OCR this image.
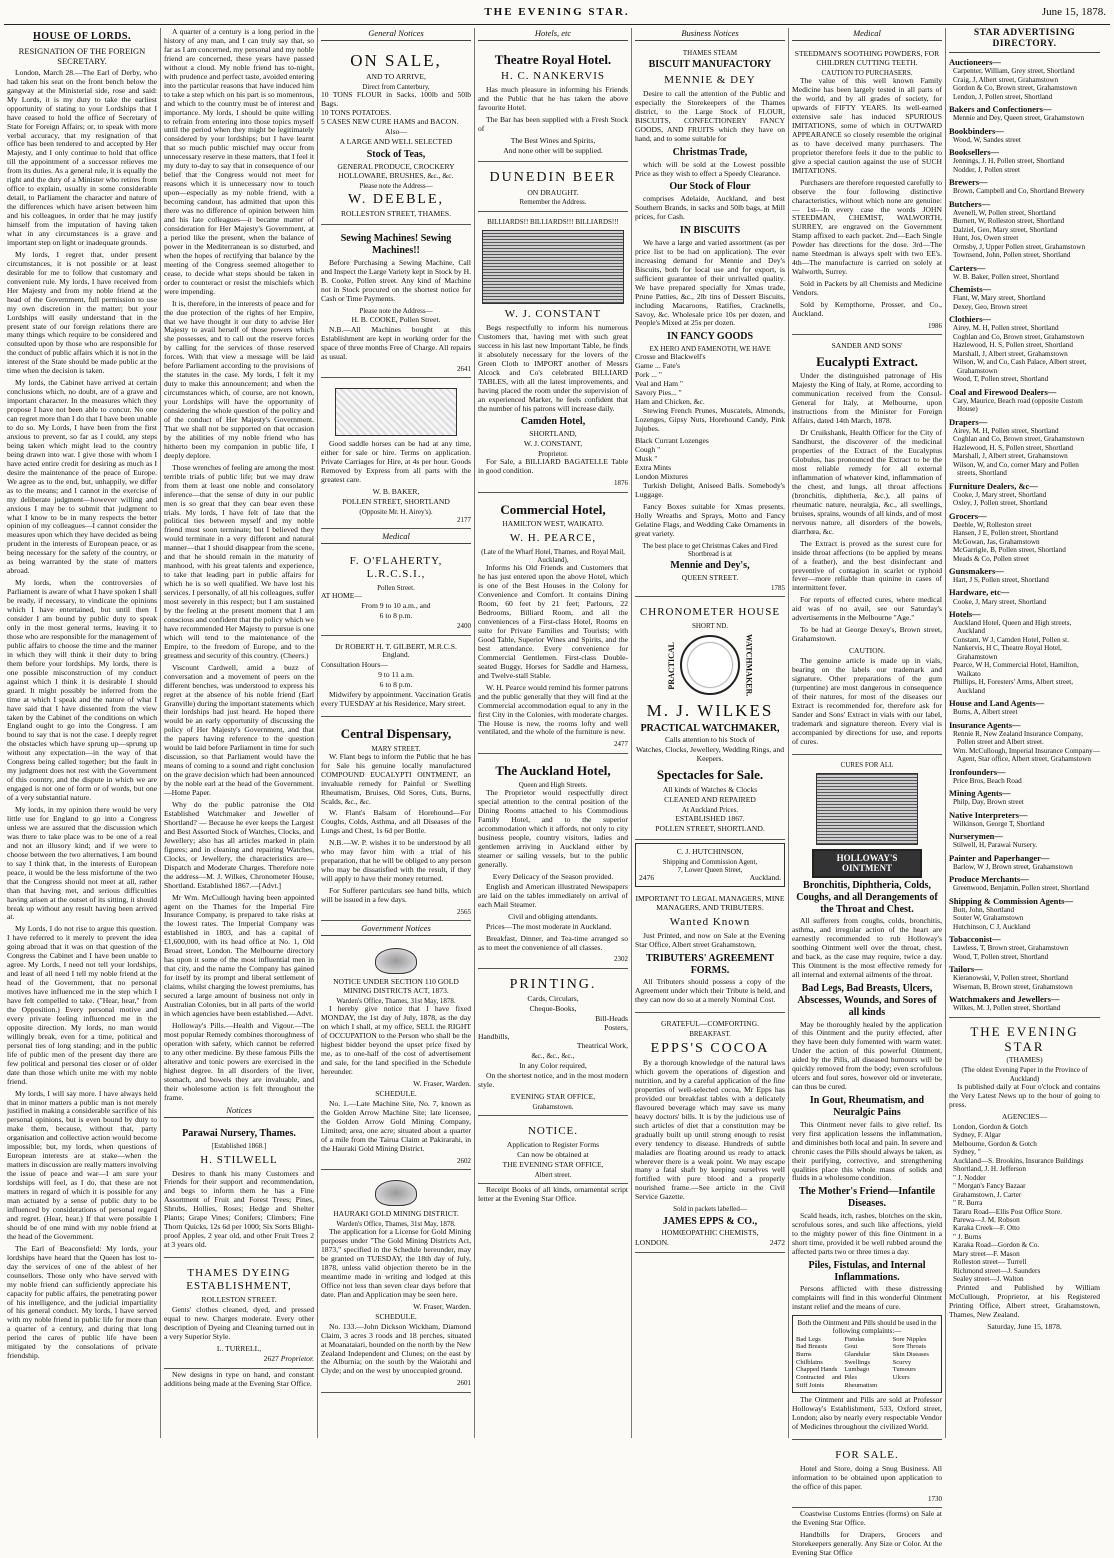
THE EVENING STAR.	June 15, 1878.
HOUSE OF LORDS.
RESIGNATION OF THE FOREIGN SECRETARY.

London, March 28.—The Earl of Derby, who had taken his seat on the front bench below the gangway at the Ministerial side, rose and said: My Lords, it is my duty to take the earliest opportunity of stating to your Lordships that I have ceased to hold the office of Secretary of State for Foreign Affairs; or, to speak with more verbal accuracy, that my resignation of that office has been tendered to and accepted by Her Majesty, and I only continue to hold that office till the appointment of a successor relieves me from its duties. As a general rule, it is equally the right and the duty of a Minister who retires from office to explain, usually in some considerable detail, to Parliament the character and nature of the differences which have arisen between him and his colleagues, in order that he may justify himself from the imputation of having taken what in any circumstances is a grave and important step on light or inadequate grounds.

My lords, I regret that, under present circumstances, it is not possible or at least desirable for me to follow that customary and convenient rule. My lords, I have received from Her Majesty and from my noble friend at the head of the Government, full permission to use my own discretion in the matter; but your Lordships will easily understand that in the present state of our foreign relations there are many things which require to be considered and consulted upon by those who are responsible for the conduct of public affairs which it is not in the interest of the State should be made public at the time when the decision is taken.

My lords, the Cabinet have arrived at certain conclusions which, no doubt, are of a grave and important character. In the measures which they propose I have not been able to concur. No one can regret more than I do that I have been unable to do so. My Lords, I have been from the first anxious to prevent, so far as I could, any steps being taken which might lead to the country being drawn into war. I give those with whom I have acted entire credit for desiring as much as I desire the maintenance of the peace of Europe. We agree as to the end, but, unhappily, we differ as to the means; and I cannot in the exercise of my deliberate judgment—however willing and anxious I may be to submit that judgment to what I know to be in many respects the better opinion of my colleagues—I cannot consider the measures upon which they have decided as being prudent in the interests of European peace, or as being necessary for the safety of the country, or as being warranted by the state of matters abroad.

My lords, when the controversies of Parliament is aware of what I have spoken I shall be ready, if necessary, to vindicate the opinions which I have entertained, but until then I consider I am bound by public duty to speak only in the most general terms, leaving it to those who are responsible for the management of public affairs to choose the time and the manner in which they will think it their duty to bring them before your lordships. My lords, there is one possible misconstruction of my conduct against which I think it is desirable I should guard. It might possibly be inferred from the time at which I speak and the nature of what I have said that I have dissented from the view taken by the Cabinet of the conditions on which England ought to go into the Congress. I am bound to say that is not the case. I deeply regret the obstacles which have sprung up—sprung up without any expectation—in the way of that Congress being called together; but the fault in my judgment does not rest with the Government of this country, and the dispute in which we are engaged is not one of form or of words, but one of a very substantial nature.

My lords, in my opinion there would be very little use for England to go into a Congress unless we are assured that the discussion which was there to take place was to be one of a real and not an illusory kind; and if we were to choose between the two alternatives, I am bound to say I think that, in the interests of European peace, it would be the less misfortune of the two that the Congress should not meet at all, rather than that having met, and serious difficulties having arisen at the outset of its sitting, it should break up without any result having been arrived at.

My Lords, I do not rise to argue this question. I have referred to it merely to prevent the idea going abroad that it was on that question of the Congress the Cabinet and I have been unable to agree. My Lords, I need not tell your lordships, and least of all need I tell my noble friend at the head of the Government, that no personal motives have influenced me in the step which I have felt compelled to take. ("Hear, hear," from the Opposition.) Every personal motive and every private feeling influenced me in the opposite direction. My lords, no man would willingly break, even for a time, political and personal ties of long standing; and in the public life of public men of the present day there are few political and personal ties closer or of older date than those which unite me with my noble friend.

My lords, I will say more. I have always held that in minor matters a public man is not merely justified in making a considerable sacrifice of his personal opinions, but is even bound by duty to make them, because, without that, party organisation and collective action would become impossible; but, my lords, when questions of European interests are at stake—when the matters in discussion are really matters involving the issue of peace and war—I am sure your lordships will feel, as I do, that these are not matters in regard of which it is possible for any man actuated by a sense of public duty to be influenced by considerations of personal regard and regret. (Hear, hear.) If that were possible I should be of one mind with my noble friend at the head of the Government.

The Earl of Beaconsfield: My lords, your lordships have heard that the Queen has lost to-day the services of one of the ablest of her counsellors. Those only who have served with my noble friend can sufficiently appreciate his capacity for public affairs, the penetrating power of his intelligence, and the judicial impartiality of his general conduct. My lords, I have served with my noble friend in public life for more than a quarter of a century, and during that long period the cares of public life have been mitigated by the consolations of private friendship.

A quarter of a century is a long period in the history of any man, and I can truly say that, so far as I am concerned, my personal and my noble friend are concerned, these years have passed without a cloud. My noble friend has to-night, with prudence and perfect taste, avoided entering into the particular reasons that have induced him to take a step which on his part is so momentous, and which to the country must be of interest and importance. My lords, I should be quite willing to refrain from entering into those topics myself until the period when they might be legitimately considered by your lordships; but I have learnt that so much public mischief may occur from unnecessary reserve in these matters, that I feel it my duty to-day to say that in consequence of our belief that the Congress would not meet for reasons which it is unnecessary now to touch upon—especially as my noble friend, with a becoming candour, has admitted that upon this there was no difference of opinion between him and his late colleagues—it became matter of consideration for Her Majesty's Government, at a period like the present, when the balance of power in the Mediterranean is so disturbed, and when the hopes of rectifying that balance by the meeting of the Congress seemed altogether to cease, to decide what steps should be taken in order to counteract or resist the mischiefs which were impending.

It is, therefore, in the interests of peace and for the due protection of the rights of her Empire, that we have thought it our duty to advise Her Majesty to avail herself of those powers which she possesses, and to call out the reserve forces by calling for the services of those reserved forces. With that view a message will be laid before Parliament according to the provisions of the statutes in the case. My lords, I felt it my duty to make this announcement; and when the circumstances which, of course, are not known, your Lordships will have the opportunity of considering the whole question of the policy and of the conduct of Her Majesty's Government. That we shall not be supported on that occasion by the abilities of my noble friend who has hitherto been my companion in public life, I deeply deplore.

Those wrenches of feeling are among the most terrible trials of public life; but we may draw from them at least one noble and consolatory inference—that the sense of duty in our public men is so great that they can bear even these trials. My lords, I have felt of late that the political ties between myself and my noble friend must soon terminate; but I believed they would terminate in a very different and natural manner—that I should disappear from the scene, and that he should remain in the maturity of manhood, with his great talents and experience, to take that leading part in public affairs for which he is so well qualified. We have lost his services. I personally, of all his colleagues, suffer most severely in this respect; but I am sustained by the feeling at the present moment that I am conscious and confident that the policy which we have recommended Her Majesty to pursue is one which will tend to the maintenance of the Empire, to the freedom of Europe, and to the greatness and security of this country. (Cheers.)

Viscount Cardwell, amid a buzz of conversation and a movement of peers on the different benches, was understood to express his regret at the absence of his noble friend (Earl Granville) during the important statements which their lordships had just heard. He hoped there would be an early opportunity of discussing the policy of Her Majesty's Government, and that the papers having reference to the question would be laid before Parliament in time for such discussion, so that Parliament would have the means of coming to a sound and right conclusion on the grave decision which had been announced by the noble earl at the head of the Government.—Home Paper.

Why do the public patronise the Old Established Watchmaker and Jeweller of Shortland? — Because he ever keeps the Largest and Best Assorted Stock of Watches, Clocks, and Jewellery; also has all articles marked in plain figures; and in cleaning and repairing Watches, Clocks, or Jewellery, the characteristics are—Dispatch and Moderate Charges. Therefore note the address—M. J. Wilkes, Chronometer House, Shortland. Established 1867.—[Advt.]

Mr Wm. McCullough having been appointed agent on the Thames for the Imperial Fire Insurance Company, is prepared to take risks at the lowest rates. The Imperial Company was established in 1803, and has a capital of £1,600,000, with its head office at No. 1, Old Broad street, London. The Melbourne directory has upon it some of the most influential men in that city, and the name the Company has gained for itself by its prompt and liberal settlement of claims, whilst charging the lowest premiums, has secured a large amount of business not only in Australian Colonies, but in all parts of the world in which agencies have been established.—Advt.

Holloway's Pills.—Health and Vigour.—The most popular Remedy combines thoroughness of operation with safety, which cannot be referred to any other medicine. By these famous Pills the alterative and tonic powers are exercised in the highest degree. In all disorders of the liver, stomach, and bowels they are invaluable, and their wholesome action is felt throughout the frame.

Notices
Parawai Nursery, Thames.
[Established 1868.]
H. STILWELL

Desires to thank his many Customers and Friends for their support and recommendation, and begs to inform them he has a Fine Assortment of Fruit and Forest Trees; Pines, Shrubs, Hollies, Roses; Hedge and Shelter Plants; Grape Vines; Conifers; Climbers; Fine Thorn Quicks, 12s 6d per 1000; Six Sorts Blight-proof Apples, 2 year old, and other Fruit Trees 2 at 3 years old.

THAMES DYEING ESTABLISHMENT,
ROLLESTON STREET.

Gents' clothes cleaned, dyed, and pressed equal to new. Charges moderate. Every other description of Dyeing and Cleaning turned out in a very Superior Style.

L. TURRELL,
2627 Proprietor.

New designs in type on hand, and constant additions being made at the Evening Star Office.

General Notices
ON SALE,
AND TO ARRIVE,
Direct from Canterbury,
10 TONS FLOUR in Sacks, 100lb and 50lb Bags.
10 TONS POTATOES.
5 CASES NEW CURE HAMS and BACON.
Also—
A LARGE AND WELL SELECTED
Stock of Teas,
GENERAL PRODUCE, CROCKERY HOLLOWARE, BRUSHES, &c., &c.
Please note the Address—
W. DEEBLE,
ROLLESTON STREET, THAMES.
Sewing Machines! Sewing Machines!!

Before Purchasing a Sewing Machine, Call and Inspect the Large Variety kept in Stock by H. B. Cooke, Pollen street. Any kind of Machine not in Stock procured on the shortest notice for Cash or Time Payments.

Please note the Address—
H. B. COOKE, Pollen Street.

N.B.—All Machines bought at this Establishment are kept in working order for the space of three months Free of Charge. All repairs as usual.

2641

Good saddle horses can be had at any time, either for sale or hire. Terms on application. Private Carriages for Hire, at 4s per hour. Goods Removed by Express from all parts with the greatest care.

W. B. BAKER,
POLLEN STREET, SHORTLAND
(Opposite Mr. H. Airey's).
2177
Medical
F. O'FLAHERTY, L.R.C.S.I.,
Pollen Street.
AT HOME—
From 9 to 10 a.m., and
6 to 8 p.m.
2400
Dr ROBERT H. T. GILBERT, M.R.C.S. England.
Consultation Hours—
9 to 11 a.m.
6 to 8 p.m.

Midwifery by appointment. Vaccination Gratis every TUESDAY at his Residence, Mary street.

Central Dispensary,
MARY STREET.

W. Flant begs to inform the Public that he has for Sale his genuine locally manufactured COMPOUND EUCALYPTI OINTMENT, an invaluable remedy for Painful or Swelling Rheumatism, Bruises, Old Sores, Cuts, Burns, Scalds, &c., &c.

W. Flant's Balsam of Horehound—For Coughs, Colds, Asthma, and all Diseases of the Lungs and Chest, 1s 6d per Bottle.

N.B.—W. P. wishes it to be understood by all who may favor him with a trial of his preparation, that he will be obliged to any person who may be dissatisfied with the result, if they will apply to have their money returned.

For Sufferer particulars see hand bills, which will be issued in a few days.

2565
Government Notices
NOTICE UNDER SECTION 110 GOLD MINING DISTRICTS ACT, 1873.
Warden's Office, Thames, 31st May, 1878.

I hereby give notice that I have fixed MONDAY, the 1st day of July, 1878, as the day on which I shall, at my office, SELL the RIGHT of OCCUPATION to the Person who shall be the highest bidder beyond the upset price fixed by me, as to one-half of the cost of advertisement and sale, for the land specified in the Schedule hereunder.

W. Fraser, Warden.
SCHEDULE.

No. 1.—Late Machine Site, No. 7, known as the Golden Arrow Machine Site; late licensee, the Golden Arrow Gold Mining Company, Limited; area, one acre; situated about a quarter of a mile from the Tairua Claim at Pakirarahi, in the Hauraki Gold Mining District.

2602
HAURAKI GOLD MINING DISTRICT.
Warden's Office, Thames, 31st May, 1878.

The application for a License for Gold Mining purposes under "The Gold Mining Districts Act, 1873," specified in the Schedule hereunder, may be granted on TUESDAY, the 18th day of July, 1878, unless valid objection thereto be in the meantime made in writing and lodged at this Office not less than seven clear days before that date. Plan and Application may be seen here.

W. Fraser, Warden.
SCHEDULE.

No. 133.—John Dickson Wickham, Diamond Claim, 3 acres 3 roods and 18 perches, situated at Moanataiari, bounded on the north by the New Zealand Independent and Clunes; on the east by the Alburnia; on the south by the Waiotahi and Clyde; and on the west by unoccupied ground.

2601
Hotels, etc
Theatre Royal Hotel.
H. C. NANKERVIS

Has much pleasure in informing his Friends and the Public that he has taken the above favourite Hotel.

The Bar has been supplied with a Fresh Stock of

The Best Wines and Spirits,
And none other will be supplied.
DUNEDIN BEER
ON DRAUGHT.
Remember the Address.
BILLIARDS!! BILLIARDS!!! BILLIARDS!!!
W. J. CONSTANT

Begs respectfully to inform his numerous Customers that, having met with such great success in his last new Important Table, he finds it absolutely necessary for the lovers of the Green Cloth to IMPORT another of Messrs Alcock and Co's celebrated BILLIARD TABLES, with all the latest improvements, and having placed the room under the supervision of an experienced Marker, he feels confident that the number of his patrons will increase daily.

Camden Hotel,
SHORTLAND,
W. J. CONSTANT,
Proprietor.

For Sale, a BILLIARD BAGATELLE Table in good condition.

1876
Commercial Hotel,
HAMILTON WEST, WAIKATO.
W. H. PEARCE,
(Late of the Wharf Hotel, Thames, and Royal Mail, Auckland),

Informs his Old Friends and Customers that he has just entered upon the above Hotel, which is one of the Best Houses in the Colony for Convenience and Comfort. It contains Dining Room, 60 feet by 21 feet; Parlours, 22 Bedrooms, Billiard Room, and all the conveniences of a First-class Hotel, Rooms en suite for Private Families and Tourists; with Good Table, Superior Wines and Spirits, and the best attendance. Every convenience for Commercial Gentlemen. First-class Double-seated Buggy, Horses for Saddle and Harness, and Twelve-stall Stable.

W. H. Pearce would remind his former patrons and the public generally that they will find at the Commercial accommodation equal to any in the first City in the Colonies, with moderate charges. The House is new, the rooms lofty and well ventilated, and the whole of the furniture is new.

2477
The Auckland Hotel,
Queen and High Streets.

The Proprietor would respectfully direct special attention to the central position of the Dining Rooms attached to his Commodious Family Hotel, and to the superior accommodation which it affords, not only to city business people, country visitors, ladies and gentlemen arriving in Auckland either by steamer or sailing vessels, but to the public generally.

Every Delicacy of the Season provided.

English and American illustrated Newspapers are laid on the tables immediately on arrival of each Mail Steamer.

Civil and obliging attendants.

Prices—The most moderate in Auckland.

Breakfast, Dinner, and Tea-time arranged so as to meet the convenience of all classes.

2302
PRINTING.
Cards, Circulars,
Cheque-Books,
Bill-Heads
Posters,
Handbills,
Theatrical Work,
&c., &c., &c.,
In any Color required,

On the shortest notice, and in the most modern style.

EVENING STAR OFFICE,
Grahamstown.
NOTICE.
Application to Register Forms
Can now be obtained at
THE EVENING STAR OFFICE,
Albert street.

Receipt Books of all kinds, ornamental script letter at the Evening Star Office.

Business Notices
THAMES STEAM
BISCUIT MANUFACTORY
MENNIE & DEY

Desire to call the attention of the Public and especially the Storekeepers of the Thames district, to the Large Stock of FLOUR, BISCUITS, CONFECTIONERY FANCY GOODS, AND FRUITS which they have on hand, and to some suitable for

Christmas Trade,

which will be sold at the Lowest possible Price as they wish to effect a Speedy Clearance.

Our Stock of Flour

comprises Adelaide, Auckland, and best Southern Brands, in sacks and 50lb bags, at Mill prices, for Cash.

IN BISCUITS

We have a large and varied assortment (as per price list to be had on application). The ever increasing demand for Mennie and Dey's Biscuits, both for local use and for export, is sufficient guarantee of their unrivalled quality. We have prepared specially for Xmas trade, Prune Patties, &c., 2lb tins of Dessert Biscuits, including Macaroons, Ratifies, Cracknells, Savoy, &c. Wholesale price 10s per dozen, and People's Mixed at 25s per dozen.

IN FANCY GOODS
EX HERO AND FAMENOTH, WE HAVE
Crosse and Blackwell's
Game ... Fate's
Pork ... "
Veal and Ham "
Savory Pies... "
Ham and Chicken, &c.

Stewing French Prunes, Muscatels, Almonds, Lozenges, Gipsy Nuts, Horehound Candy, Pink Jujubes.

Black Currant Lozenges
Cough "
Musk "
Extra Mints
London Mixtures

Turkish Delight, Aniseed Balls. Somebody's Luggage.

Fancy Boxes suitable for Xmas presents. Holly Wreaths and Sprays, Motto and Fancy Gelatine Flags, and Wedding Cake Ornaments in great variety.

The best place to get Christmas Cakes and Fired Shortbread is at
Mennie and Dey's,
QUEEN STREET.
1785
CHRONOMETER HOUSE
SHORT ND.
PRACTICAL	WATCHMAKER.
M. J. WILKES
PRACTICAL WATCHMAKER,
Calls attention to his Stock of
Watches, Clocks, Jewellery, Wedding Rings, and Keepers.
Spectacles for Sale.
All kinds of Watches & Clocks
CLEANED AND REPAIRED
At Auckland Prices.
ESTABLISHED 1867.
POLLEN STREET, SHORTLAND.
C. J. HUTCHINSON,
Shipping and Commission Agent,
7, Lower Queen Street,
2476	Auckland.
IMPORTANT TO LEGAL MANAGERS, MINE MANAGERS, AND TRIBUTERS.
Wanted Known

Just Printed, and now on Sale at the Evening Star Office, Albert street Grahamstown,

TRIBUTERS' AGREEMENT FORMS.

All Tributers should possess a copy of the Agreement under which their Tribute is held, and they can now do so at a merely Nominal Cost.

GRATEFUL—COMFORTING.
BREAKFAST.
EPPS'S COCOA

By a thorough knowledge of the natural laws which govern the operations of digestion and nutrition, and by a careful application of the fine properties of well-selected cocoa, Mr Epps has provided our breakfast tables with a delicately flavoured beverage which may save us many heavy doctors' bills. It is by the judicious use of such articles of diet that a constitution may be gradually built up until strong enough to resist every tendency to disease. Hundreds of subtle maladies are floating around us ready to attack wherever there is a weak point. We may escape many a fatal shaft by keeping ourselves well fortified with pure blood and a properly nourished frame.—See article in the Civil Service Gazette.

Sold in packets labelled—
JAMES EPPS & CO.,
HOMŒOPATHIC CHEMISTS,
LONDON.	2472
Medical
STEEDMAN'S SOOTHING POWDERS, FOR CHILDREN CUTTING TEETH.
CAUTION TO PURCHASERS.

The value of this well known Family Medicine has been largely tested in all parts of the world, and by all grades of society, for upwards of FIFTY YEARS. Its well-earned extensive sale has induced SPURIOUS IMITATIONS, some of which in OUTWARD APPEARANCE so closely resemble the original as to have deceived many purchasers. The proprietor therefore feels it due to the public to give a special caution against the use of SUCH IMITATIONS.

Purchasers are therefore requested carefully to observe the four following distinctive characteristics, without which none are genuine:— 1st—In every case the words JOHN STEEDMAN, CHEMIST, WALWORTH, SURREY, are engraved on the Government Stamp affixed to each packet. 2nd—Each Single Powder has directions for the dose. 3rd—The name Steedman is always spelt with two EE's. 4th—The manufacture is carried on solely at Walworth, Surrey.

Sold in Packets by all Chemists and Medicine Vendors.

Sold by Kempthorne, Prosser, and Co., Auckland.

1986
SANDER AND SONS'
Eucalypti Extract.

Under the distinguished patronage of His Majesty the King of Italy, at Rome, according to communication received from the Consul-General for Italy, at Melbourne, upon instructions from the Minister for Foreign Affairs, dated 14th March, 1878.

Dr Cruikshank, Health Officer for the City of Sandhurst, the discoverer of the medicinal properties of the Extract of the Eucalyptus Globulus, has pronounced the Extract to be the most reliable remedy for all external inflammation of whatever kind, inflammation of the chest, and lungs, all throat affections (bronchitis, diphtheria, &c.), all pains of rheumatic nature, neuralgia, &c., all swellings, bruises, sprains, wounds of all kinds, and of most nervous nature, all disorders of the bowels, diarrhœa, &c.

The Extract is proved as the surest cure for inside throat affections (to be applied by means of a feather), and the best disinfectant and preventive of contagion in scarlet or typhoid fever—more reliable than quinine in cases of intermittent fever.

For reports of effected cures, where medical aid was of no avail, see our Saturday's advertisements in the Melbourne "Age."

To be had at George Dexey's, Brown street, Grahamstown.

CAUTION.

The genuine article is made up in vials, bearing on the labels our trademark and signature. Other preparations of the gum (turpentine) are most dangerous in consequence of their natures, for most of the diseases our Extract is recommended for, therefore ask for Sander and Sons' Extract in vials with our label, trademark and signature thereon. Every vial is accompanied by directions for use, and reports of cures.

CURES FOR ALL
HOLLOWAY'S OINTMENT
Bronchitis, Diphtheria, Colds, Coughs, and all Derangements of the Throat and Chest.

All sufferers from coughs, colds, bronchitis, asthma, and irregular action of the heart are earnestly recommended to rub Holloway's soothing Ointment well over the throat, chest, and back, as the case may require, twice a day. This Ointment is the most effective remedy for all internal and external ailments of the throat.

Bad Legs, Bad Breasts, Ulcers, Abscesses, Wounds, and Sores of all kinds

May be thoroughly healed by the application of this Ointment and the purity effected, after they have been duly fomented with warm water. Under the action of this powerful Ointment, aided by the Pills, all diseased humours will be quickly removed from the body; even scrofulous ulcers and foul sores, however old or inveterate, can thus be cured.

In Gout, Rheumatism, and Neuralgic Pains

This Ointment never fails to give relief. Its very first application lessens the inflammation, and diminishes both local and pain. In severe and chronic cases the Pills should always be taken, as their purifying, corrective, and strengthening qualities place this whole mass of solids and fluids in a wholesome condition.

The Mother's Friend—Infantile Diseases.

Scald heads, itch, rashes, blotches on the skin, scrofulous sores, and such like affections, yield to the mighty power of this fine Ointment in a short time, provided it be well rubbed around the affected parts two or three times a day.

Piles, Fistulas, and Internal Inflammations.

Persons afflicted with these distressing complaints will find in this wonderful Ointment instant relief and the means of cure.

Both the Ointment and Pills should be used in the following complaints:—
Bad Legs
Bad Breasts
Burns
Chilblains
Chapped Hands
Contracted and Stiff Joints
Fistulas
Gout
Glandular Swellings
Lumbago
Piles
Rheumatism
Sore Nipples
Sore Throats
Skin Diseases
Scurvy
Tumours
Ulcers

The Ointment and Pills are sold at Professor Holloway's Establishment, 533, Oxford street, London; also by nearly every respectable Vendor of Medicines throughout the civilized World.

FOR SALE.

Hotel and Store, doing a Snug Business. All information to be obtained upon application to the office of this paper.

1730

Coastwise Customs Entries (forms) on Sale at the Evening Star Office.

Handbills for Drapers, Grocers and Storekeepers generally. Any Size or Color. At the Evening Star Office

STAR ADVERTISING DIRECTORY.
Auctioneers—
Carpenter, William, Grey street, Shortland
Craig, J, Albert street, Grahamstown
Gordon & Co, Brown street, Grahamstown
Lendon, J, Pollen street, Shortland
Bakers and Confectioners—
Mennie and Dey, Queen street, Grahamstown
Bookbinders—
Wood, W, Sandes street
Booksellers—
Jennings, J. H, Pollen street, Shortland
Nodder, J, Pollen street
Brewers—
Brown, Campbell and Co, Shortland Brewery
Butchers—
Avenell, W, Pollen street, Shortland
Burnett, W, Rolleston street, Shortland
Dalziel, Geo, Mary street, Shortland
Hunt, Jos, Owen street
Ormsby, J, Upper Pollen street, Grahamstown
Townsend, John, Pollen street, Shortland
Carters—
W. B. Baker, Pollen street, Shortland
Chemists—
Flant, W, Mary street, Shortland
Dexey, Geo, Brown street
Clothiers—
Airey, M. H, Pollen street, Shortland
Coghlan and Co, Brown street, Grahamstown
Hazlewood, H. S, Pollen street, Shortland
Marshall, J, Albert street, Grahamstown
Wilson, W, and Co, Cash Palace, Albert street, Grahamstown
Wood, T, Pollen street, Shortland
Coal and Firewood Dealers—
Cary, Maurice, Beach road (opposite Custom House)
Drapers—
Airey, M. H, Pollen street, Shortland
Coghlan and Co, Brown street, Grahamstown
Hazlewood, H. S, Pollen street, Shortland
Marshall, J, Albert street, Grahamstown
Wilson, W, and Co, corner Mary and Pollen streets, Shortland
Furniture Dealers, &c—
Cooke, J, Mary street, Shortland
Oxley, J, Pollen street, Shortland
Grocers—
Deeble, W, Rolleston street
Hansen, J E, Pollen street, Shortland
McGowan, Jas, Grahamstown
McGarrigle, B, Pollen street, Shortland
Meads & Co, Pollen street
Gunsmakers—
Hart, J S, Pollen street, Shortland
Hardware, etc—
Cooke, J, Mary street, Shortland
Hotels—
Auckland Hotel, Queen and High streets, Auckland
Constant, W J, Camden Hotel, Pollen st.
Nankervis, H C, Theatre Royal Hotel, Grahamstown
Pearce, W H, Commercial Hotel, Hamilton, Waikato
Phillips, H, Foresters' Arms, Albert street, Auckland
House and Land Agents—
Burns, A, Albert street
Insurance Agents—
Rennie R, New Zealand Insurance Company, Pollen street and Albert street.
Wm. McCullough, Imperial Insurance Company—Agent, Star office, Albert street, Grahamstown
Ironfounders—
Price Bros, Beach Road
Mining Agents—
Philp, Day, Brown street
Native Interpreters—
Wilkinson, George T, Shortland
Nurserymen—
Stilwell, H, Parawai Nursery.
Painter and Paperhanger—
Barlow, W J, Brown street, Grahamstown
Produce Merchants—
Greenwood, Benjamin, Pollen street, Shortland
Shipping & Commission Agents—
Butt, John, Shortland
Souter W, Grahamstown
Hutchinson, C J, Auckland
Tobacconist—
Lawless, T, Brown street, Grahamstown
Wood, T, Pollen street, Shortland
Tailors—
Kieranowski, V, Pollen street, Shortland
Wiseman, B, Brown street, Grahamstown
Watchmakers and Jewellers—
Wilkes, M. J, Pollen street, Shortland
THE EVENING STAR
(THAMES)
(The oldest Evening Paper in the Province of Auckland)

Is published daily at Four o'clock and contains the Very Latest News up to the hour of going to press.

AGENCIES—
London, Gordon & Gotch
Sydney, F. Algar
Melbourne, Gordon & Gotch
Sydney, "
Auckland—S. Brookins, Insurance Buildings
Shortland, J. H. Jefferson
" J. Nodder
" Morgan's Fancy Bazaar
Grahamstown, J. Carter
" R. Burra
Tararu Road—Ellis Post Office Store.
Parewa—J. M. Robson
Karaka Creek—F. Otto
" J. Burns
Karaka Road—Gordon & Co.
Mary street—F. Mason
Rolleston street— Turrell
Richmond street—J. Saunders
Sealey street—J. Walton

Printed and Published by William McCullough, Proprietor, at his Registered Printing Office, Albert street, Grahamstown, Thames, New Zealand.

Saturday, June 15, 1878.
